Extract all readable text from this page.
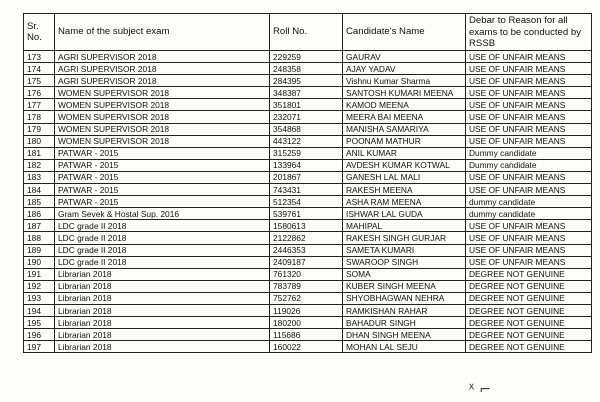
Sr. No.	Name of the subject exam	Roll No.	Candidate's Name	Debar to Reason for all exams to be conducted by RSSB
173	AGRI SUPERVISOR 2018	229259	GAURAV	USE OF UNFAIR MEANS
174	AGRI SUPERVISOR 2018	248358	AJAY YADAV	USE OF UNFAIR MEANS
175	AGRI SUPERVISOR 2018	284395	Vishnu Kumar Sharma	USE OF UNFAIR MEANS
176	WOMEN SUPERVISOR 2018	348387	SANTOSH KUMARI MEENA	USE OF UNFAIR MEANS
177	WOMEN SUPERVISOR 2018	351801	KAMOD MEENA	USE OF UNFAIR MEANS
178	WOMEN SUPERVISOR 2018	232071	MEERA BAI MEENA	USE OF UNFAIR MEANS
179	WOMEN SUPERVISOR 2018	354868	MANISHA SAMARIYA	USE OF UNFAIR MEANS
180	WOMEN SUPERVISOR 2018	443122	POONAM MATHUR	USE OF UNFAIR MEANS
181	PATWAR - 2015	315259	ANIL KUMAR	Dummy candidate
182	PATWAR - 2015	133964	AVDESH KUMAR KOTWAL	Dummy candidate
183	PATWAR - 2015	201867	GANESH LAL MALI	USE OF UNFAIR MEANS
184	PATWAR - 2015	743431	RAKESH MEENA	USE OF UNFAIR MEANS
185	PATWAR - 2015	512354	ASHA RAM MEENA	dummy candidate
186	Gram Sevek & Hostal Sup. 2016	539761	ISHWAR LAL GUDA	dummy candidate
187	LDC grade II 2018	1580613	MAHIPAL	USE OF UNFAIR MEANS
188	LDC grade II 2018	2122862	RAKESH SINGH GURJAR	USE OF UNFAIR MEANS
189	LDC grade II 2018	2446353	SAMETA KUMARI	USE OF UNFAIR MEANS
190	LDC grade II 2018	2409187	SWAROOP SINGH	USE OF UNFAIR MEANS
191	Librarian 2018	761320	SOMA	DEGREE NOT GENUINE
192	Librarian 2018	783789	KUBER SINGH MEENA	DEGREE NOT GENUINE
193	Librarian 2018	752762	SHYOBHAGWAN NEHRA	DEGREE NOT GENUINE
194	Librarian 2018	119026	RAMKISHAN RAHAR	DEGREE NOT GENUINE
195	Librarian 2018	180200	BAHADUR SINGH	DEGREE NOT GENUINE
196	Librarian 2018	115686	DHAN SINGH MEENA	DEGREE NOT GENUINE
197	Librarian 2018	160022	MOHAN LAL SEJU	DEGREE NOT GENUINE
ᕽ ⌐
